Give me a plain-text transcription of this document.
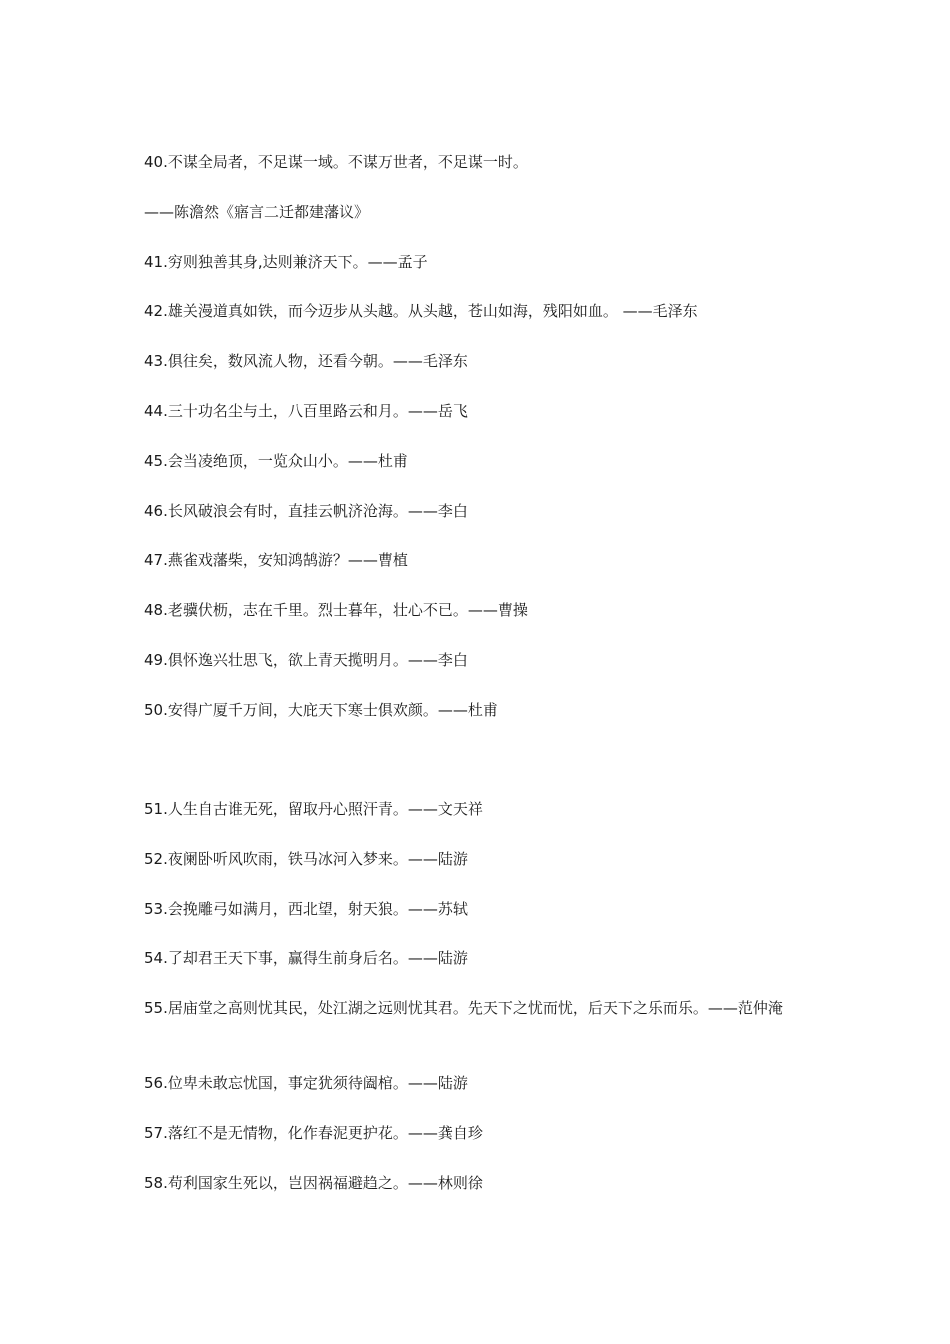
40.不谋全局者，不足谋一域。不谋万世者，不足谋一时。
——陈澹然《寤言二迁都建藩议》
41.穷则独善其身,达则兼济天下。——孟子
42.雄关漫道真如铁，而今迈步从头越。从头越，苍山如海，残阳如血。 ——毛泽东
43.俱往矣，数风流人物，还看今朝。——毛泽东
44.三十功名尘与土，八百里路云和月。——岳飞
45.会当凌绝顶，一览众山小。——杜甫
46.长风破浪会有时，直挂云帆济沧海。——李白
47.燕雀戏藩柴，安知鸿鹄游？——曹植
48.老骥伏枥，志在千里。烈士暮年，壮心不已。——曹操
49.俱怀逸兴壮思飞，欲上青天揽明月。——李白
50.安得广厦千万间，大庇天下寒士俱欢颜。——杜甫
51.人生自古谁无死，留取丹心照汗青。——文天祥
52.夜阑卧听风吹雨，铁马冰河入梦来。——陆游
53.会挽雕弓如满月，西北望，射天狼。——苏轼
54.了却君王天下事，赢得生前身后名。——陆游
55.居庙堂之高则忧其民，处江湖之远则忧其君。先天下之忧而忧，后天下之乐而乐。——范仲淹
56.位卑未敢忘忧国，事定犹须待阖棺。——陆游
57.落红不是无情物，化作春泥更护花。——龚自珍
58.苟利国家生死以，岂因祸福避趋之。——林则徐
